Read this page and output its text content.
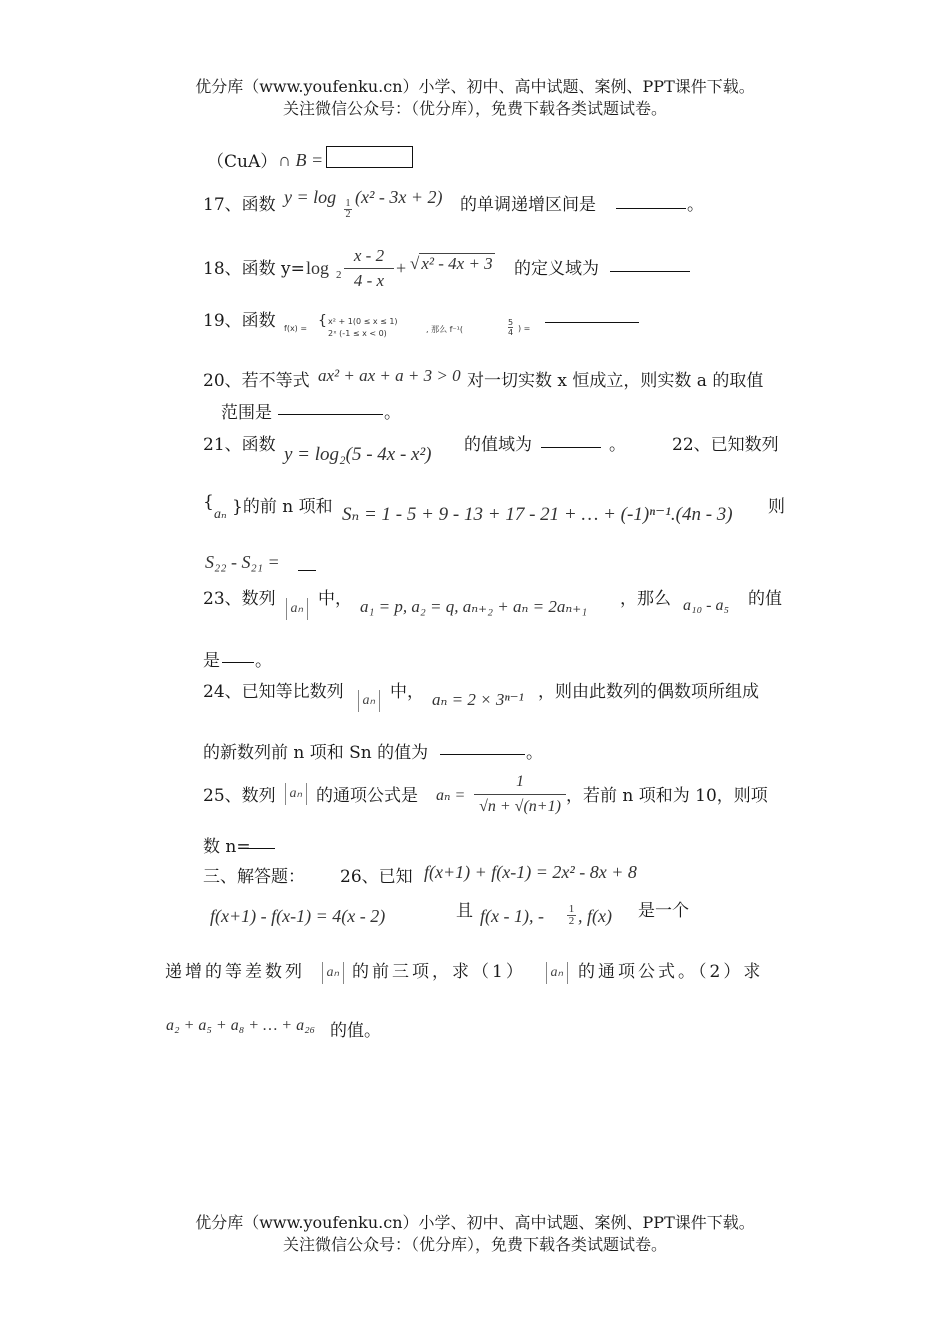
优分库（www.youfenku.cn）小学、初中、高中试题、案例、PPT课件下载。
关注微信公众号：（优分库），免费下载各类试题试卷。
（CuA） ∩ B =
17、函数 y = log 1
2
(x² - 3x + 2) 的单调递增区间是	。
18、函数 y= log 2
x - 2
4 - x
+ √ x² - 4x + 3 的定义域为
19、函数 f(x) = { x² + 1(0 ≤ x ≤ 1)
2ˣ (-1 ≤ x < 0)	, 那么 f⁻¹(
5
4 ) =
20、若不等式 ax² + ax + a + 3 > 0 对一切实数 x 恒成立，则实数 a 的取值
范围是	。
21、函数 y = log₂(5 - 4x - x²) 的值域为	。	22、已知数列
{
aₙ }的前 n 项和 Sₙ = 1 - 5 + 9 - 13 + 17 - 21 + … + (-1)ⁿ⁻¹.(4n - 3) 则
S₂₂ - S₂₁ =
23、数列	aₙ 中， a₁ = p, a₂ = q, aₙ₊₂ + aₙ = 2aₙ₊₁ ，那么 a₁₀ - a₅ 的值
是 。
24、已知等比数列	aₙ 中， aₙ = 2 × 3ⁿ⁻¹ ，则由此数列的偶数项所组成
的新数列前 n 项和 Sn 的值为	。
25、数列 aₙ 的通项公式是 aₙ =
1
√n + √(n+1)
，若前 n 项和为 10，则项
数 n=
三、解答题： 26、已知 f(x+1) + f(x-1) = 2x² - 8x + 8
f(x+1) - f(x-1) = 4(x - 2)	且 f(x - 1), - 1
2 , f(x) 是一个
递增的等差数列	aₙ 的前三项，求（1）	aₙ 的通项公式。（2）求
a₂ + a₅ + a₈ + … + a₂₆ 的值。
优分库（www.youfenku.cn）小学、初中、高中试题、案例、PPT课件下载。
关注微信公众号：（优分库），免费下载各类试题试卷。
